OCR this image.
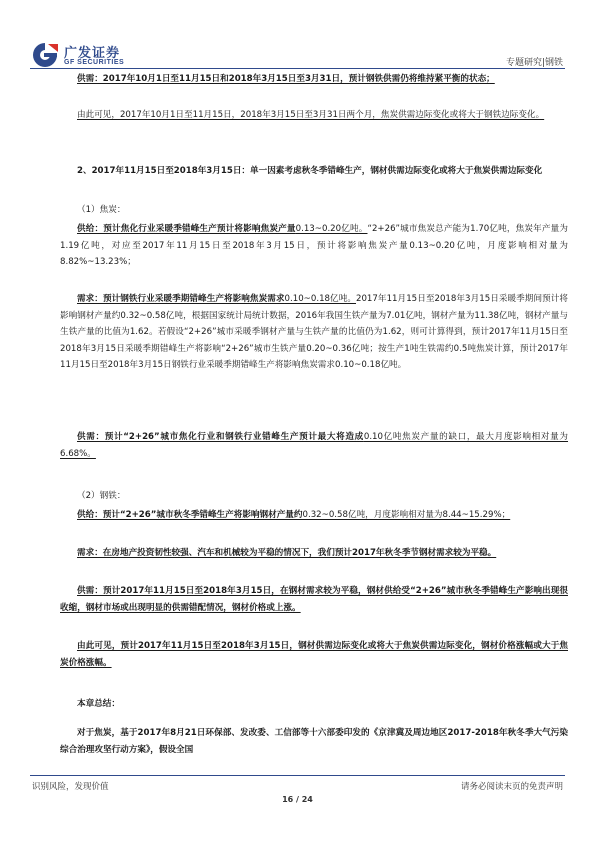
广发证券
GF SECURITIES	专题研究|钢铁

供需：2017年10月1日至11月15日和2018年3月15日至3月31日，预计钢铁供需仍将维持紧平衡的状态；

由此可见，2017年10月1日至11月15日，2018年3月15日至3月31日两个月，焦炭供需边际变化或将大于钢铁边际变化。

2、2017年11月15日至2018年3月15日：单一因素考虑秋冬季错峰生产，钢材供需边际变化或将大于焦炭供需边际变化

（1）焦炭：

供给：预计焦化行业采暖季错峰生产预计将影响焦炭产量0.13~0.20亿吨。“2+26”城市焦炭总产能为1.70亿吨，焦炭年产量为1.19亿吨，对应至2017年11月15日至2018年3月15日，预计将影响焦炭产量0.13~0.20亿吨，月度影响相对量为8.82%~13.23%；

需求：预计钢铁行业采暖季期错峰生产将影响焦炭需求0.10~0.18亿吨。2017年11月15日至2018年3月15日采暖季期间预计将影响钢材产量约0.32~0.58亿吨，根据国家统计局统计数据，2016年我国生铁产量为7.01亿吨，钢材产量为11.38亿吨，钢材产量与生铁产量的比值为1.62。若假设“2+26”城市采暖季钢材产量与生铁产量的比值仍为1.62，则可计算得到，预计2017年11月15日至2018年3月15日采暖季期错峰生产将影响“2+26”城市生铁产量0.20~0.36亿吨；按生产1吨生铁需约0.5吨焦炭计算，预计2017年11月15日至2018年3月15日钢铁行业采暖季期错峰生产将影响焦炭需求0.10~0.18亿吨。

供需：预计“2+26”城市焦化行业和钢铁行业错峰生产预计最大将造成0.10亿吨焦炭产量的缺口，最大月度影响相对量为6.68%。

（2）钢铁：

供给：预计“2+26”城市秋冬季错峰生产将影响钢材产量约0.32~0.58亿吨，月度影响相对量为8.44~15.29%；

需求：在房地产投资韧性较强、汽车和机械较为平稳的情况下，我们预计2017年秋冬季节钢材需求较为平稳。

供需：预计2017年11月15日至2018年3月15日，在钢材需求较为平稳，钢材供给受“2+26”城市秋冬季错峰生产影响出现很收缩，钢材市场或出现明显的供需错配情况，钢材价格或上涨。

由此可见，预计2017年11月15日至2018年3月15日，钢材供需边际变化或将大于焦炭供需边际变化，钢材价格涨幅或大于焦炭价格涨幅。

本章总结：

对于焦炭，基于2017年8月21日环保部、发改委、工信部等十六部委印发的《京津冀及周边地区2017-2018年秋冬季大气污染综合治理攻坚行动方案》，假设全国

识别风险，发现价值	请务必阅读末页的免责声明
16 / 24
